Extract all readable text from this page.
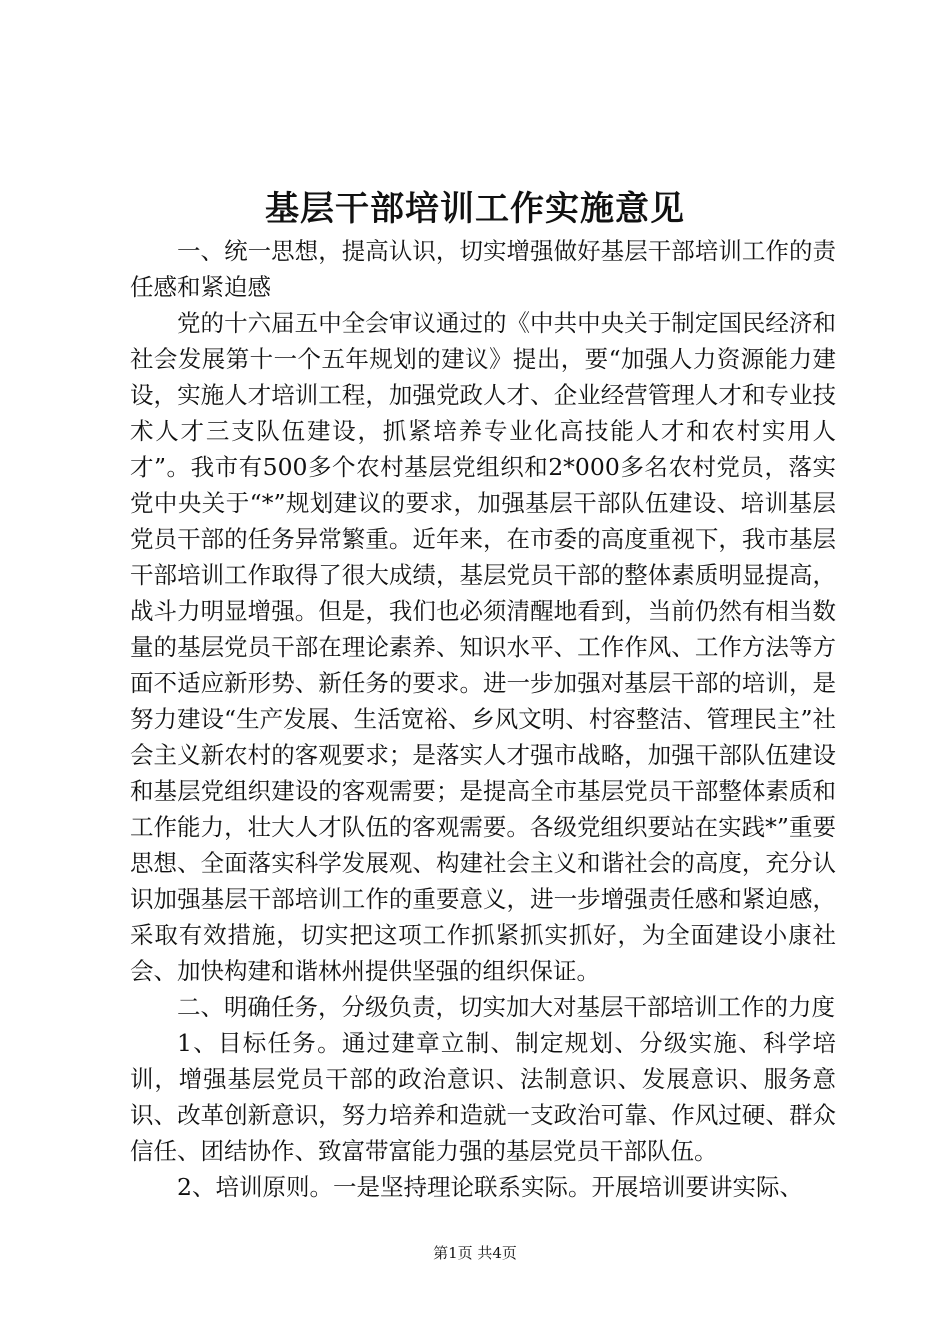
基层干部培训工作实施意见

一、统一思想，提高认识，切实增强做好基层干部培训工作的责任感和紧迫感

党的十六届五中全会审议通过的《中共中央关于制定国民经济和社会发展第十一个五年规划的建议》提出，要“加强人力资源能力建设，实施人才培训工程，加强党政人才、企业经营管理人才和专业技术人才三支队伍建设，抓紧培养专业化高技能人才和农村实用人才”。我市有500多个农村基层党组织和2*000多名农村党员，落实党中央关于“*”规划建议的要求，加强基层干部队伍建设、培训基层党员干部的任务异常繁重。近年来，在市委的高度重视下，我市基层干部培训工作取得了很大成绩，基层党员干部的整体素质明显提高，战斗力明显增强。但是，我们也必须清醒地看到，当前仍然有相当数量的基层党员干部在理论素养、知识水平、工作作风、工作方法等方面不适应新形势、新任务的要求。进一步加强对基层干部的培训，是努力建设“生产发展、生活宽裕、乡风文明、村容整洁、管理民主”社会主义新农村的客观要求；是落实人才强市战略，加强干部队伍建设和基层党组织建设的客观需要；是提高全市基层党员干部整体素质和工作能力，壮大人才队伍的客观需要。各级党组织要站在实践*”重要思想、全面落实科学发展观、构建社会主义和谐社会的高度，充分认识加强基层干部培训工作的重要意义，进一步增强责任感和紧迫感，采取有效措施，切实把这项工作抓紧抓实抓好，为全面建设小康社会、加快构建和谐林州提供坚强的组织保证。

二、明确任务，分级负责，切实加大对基层干部培训工作的力度

1、目标任务。通过建章立制、制定规划、分级实施、科学培训，增强基层党员干部的政治意识、法制意识、发展意识、服务意识、改革创新意识，努力培养和造就一支政治可靠、作风过硬、群众信任、团结协作、致富带富能力强的基层党员干部队伍。

2、培训原则。一是坚持理论联系实际。开展培训要讲实际、

第1页 共4页
